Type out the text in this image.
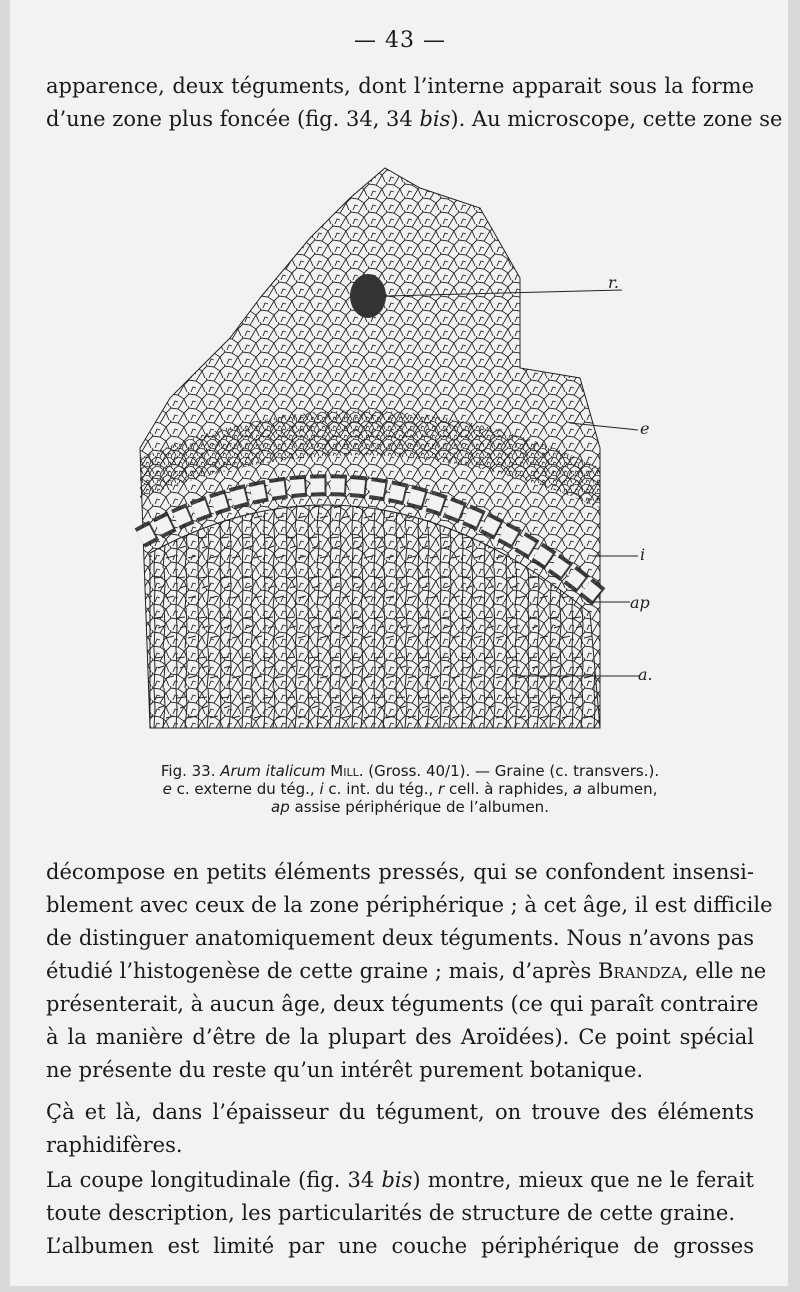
— 43 —
apparence, deux téguments, dont l’interne apparait sous la forme
d’une zone plus foncée (fig. 34, 34 bis). Au microscope, cette zone se
r.
e
i
ap
a.
Fig. 33. Arum italicum Mill. (Gross. 40/1). — Graine (c. transvers.).
e c. externe du tég., i c. int. du tég., r cell. à raphides, a albumen,
ap assise périphérique de l’albumen.
décompose en petits éléments pressés, qui se confondent insensi-
blement avec ceux de la zone périphérique ; à cet âge, il est difficile
de distinguer anatomiquement deux téguments. Nous n’avons pas
étudié l’histogenèse de cette graine ; mais, d’après Brandza, elle ne
présenterait, à aucun âge, deux téguments (ce qui paraît contraire
à la manière d’être de la plupart des Aroïdées). Ce point spécial
ne présente du reste qu’un intérêt purement botanique.
Çà et là, dans l’épaisseur du tégument, on trouve des éléments
raphidifères.
La coupe longitudinale (fig. 34 bis) montre, mieux que ne le ferait
toute description, les particularités de structure de cette graine.
L’albumen est limité par une couche périphérique de grosses
